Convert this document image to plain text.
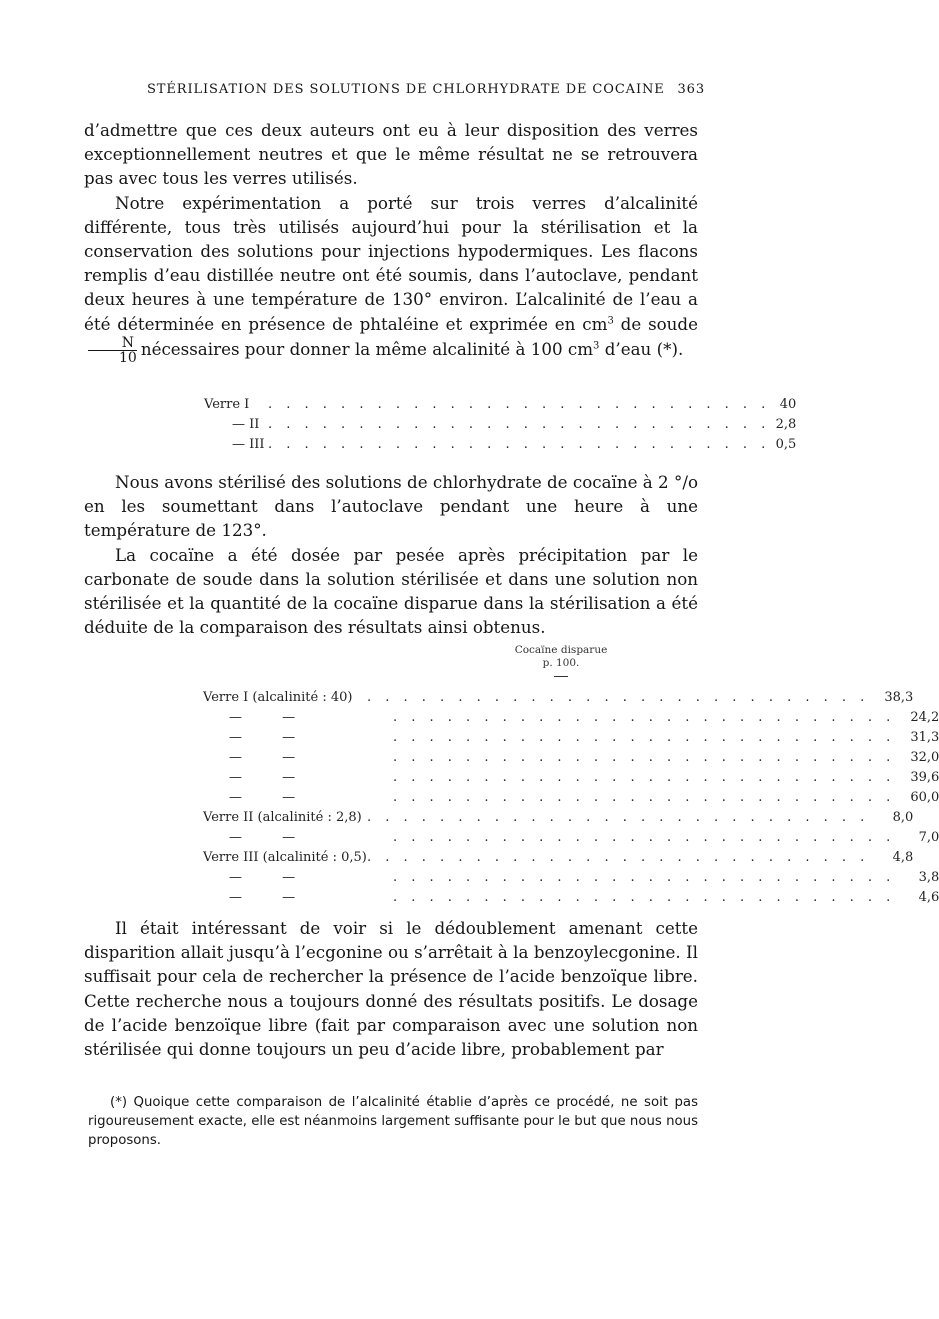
STÉRILISATION DES SOLUTIONS DE CHLORHYDRATE DE COCAINE 363

d’admettre que ces deux auteurs ont eu à leur disposition des verres exceptionnellement neutres et que le même résultat ne se retrouvera pas avec tous les verres utilisés.

Notre expérimentation a porté sur trois verres d’alcalinité différente, tous très utilisés aujourd’hui pour la stérilisation et la conservation des solutions pour injections hypodermiques. Les flacons remplis d’eau distillée neutre ont été soumis, dans l’autoclave, pendant deux heures à une température de 130° environ. L’alcalinité de l’eau a été déterminée en présence de phtaléine et exprimée en $cm^3$ de soude
$\frac{N}{10}$ nécessaires pour donner la même alcalinité à 100 $cm^3$ d’eau (*).

Verre I	. . . . . . . . . . . . . . . . . . . . . . . . . . . . 40
— II . . . . . . . . . . . . . . . . . . . . . . . . . . . . 2,8
— III . . . . . . . . . . . . . . . . . . . . . . . . . . . . 0,5

Nous avons stérilisé des solutions de chlorhydrate de cocaïne à 2 °/o en les soumettant dans l’autoclave pendant une heure à une température de 123°.

La cocaïne a été dosée par pesée après précipitation par le carbonate de soude dans la solution stérilisée et dans une solution non stérilisée et la quantité de la cocaïne disparue dans la stérilisation a été déduite de la comparaison des résultats ainsi obtenus.

Cocaïne disparue
p. 100.
Verre I (alcalinité : 40)	. . . . . . . . . . . . . . . . . . . . . . . . . . . .	38,3
— —	. . . . . . . . . . . . . . . . . . . . . . . . . . . .	24,2
— —	. . . . . . . . . . . . . . . . . . . . . . . . . . . .	31,3
— —	. . . . . . . . . . . . . . . . . . . . . . . . . . . .	32,0
— —	. . . . . . . . . . . . . . . . . . . . . . . . . . . .	39,6
— —	. . . . . . . . . . . . . . . . . . . . . . . . . . . .	60,0
Verre II (alcalinité : 2,8) . . . . . . . . . . . . . . . . . . . . . . . . . . . .	8,0
— —	. . . . . . . . . . . . . . . . . . . . . . . . . . . .	7,0
Verre III (alcalinité : 0,5) . . . . . . . . . . . . . . . . . . . . . . . . . . . .	4,8
— —	. . . . . . . . . . . . . . . . . . . . . . . . . . . .	3,8
— —	. . . . . . . . . . . . . . . . . . . . . . . . . . . .	4,6

Il était intéressant de voir si le dédoublement amenant cette disparition allait jusqu’à l’ecgonine ou s’arrêtait à la benzoylecgonine. Il suffisait pour cela de rechercher la présence de l’acide benzoïque libre. Cette recherche nous a toujours donné des résultats positifs. Le dosage de l’acide benzoïque libre (fait par comparaison avec une solution non stérilisée qui donne toujours un peu d’acide libre, probablement par

(*) Quoique cette comparaison de l’alcalinité établie d’après ce procédé, ne soit pas rigoureusement exacte, elle est néanmoins largement suffisante pour le but que nous nous proposons.
